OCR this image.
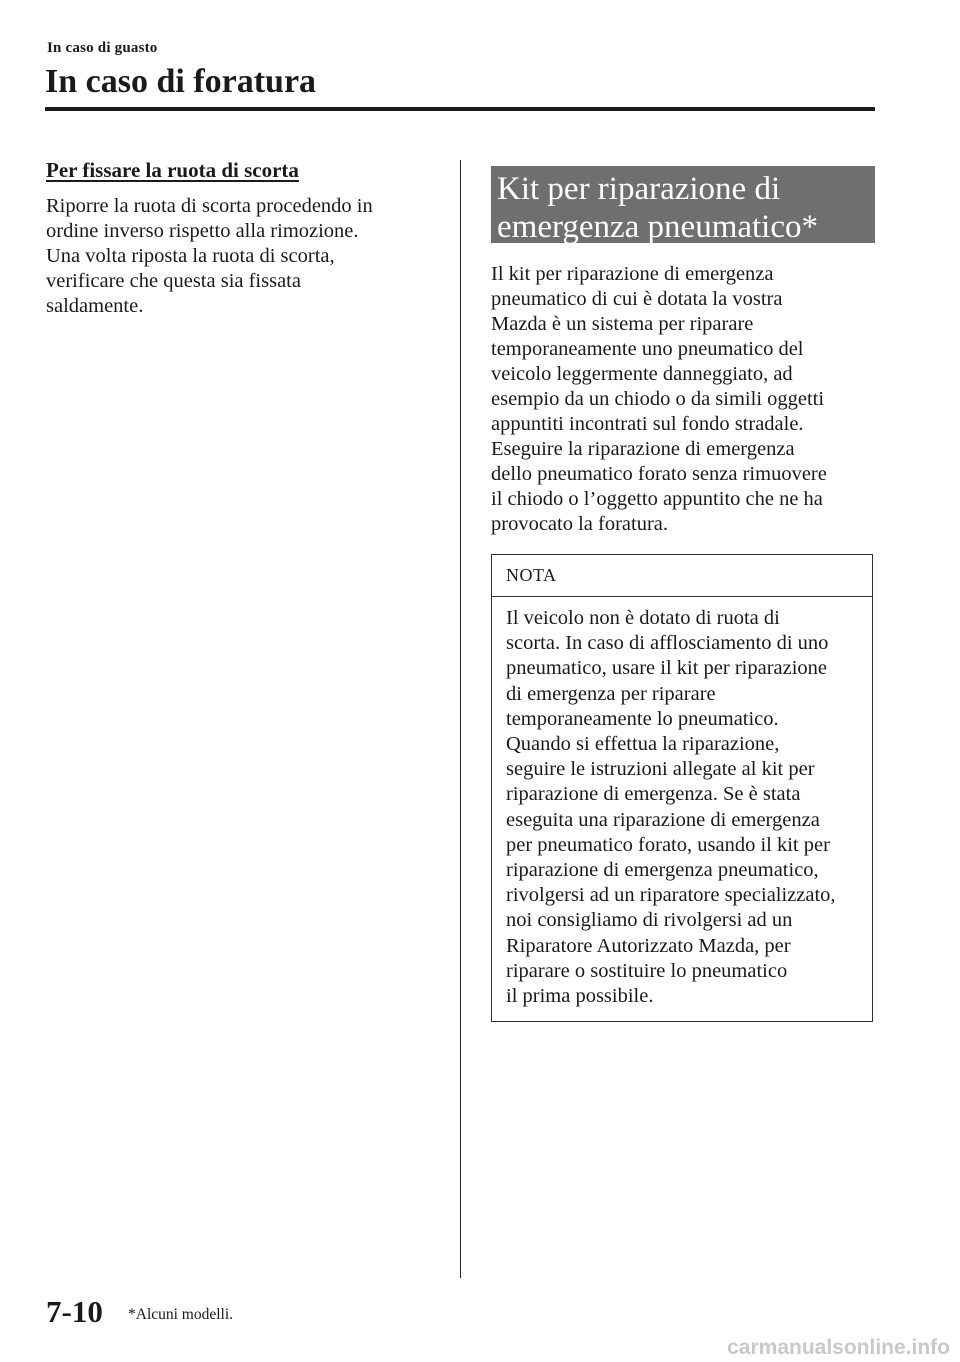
In caso di guasto
In caso di foratura
Per fissare la ruota di scorta

Riporre la ruota di scorta procedendo in
ordine inverso rispetto alla rimozione.
Una volta riposta la ruota di scorta,
verificare che questa sia fissata
saldamente.

Kit per riparazione di
emergenza pneumatico*

Il kit per riparazione di emergenza
pneumatico di cui è dotata la vostra
Mazda è un sistema per riparare
temporaneamente uno pneumatico del
veicolo leggermente danneggiato, ad
esempio da un chiodo o da simili oggetti
appuntiti incontrati sul fondo stradale.
Eseguire la riparazione di emergenza
dello pneumatico forato senza rimuovere
il chiodo o l’oggetto appuntito che ne ha
provocato la foratura.

NOTA
Il veicolo non è dotato di ruota di
scorta. In caso di afflosciamento di uno
pneumatico, usare il kit per riparazione
di emergenza per riparare
temporaneamente lo pneumatico.
Quando si effettua la riparazione,
seguire le istruzioni allegate al kit per
riparazione di emergenza. Se è stata
eseguita una riparazione di emergenza
per pneumatico forato, usando il kit per
riparazione di emergenza pneumatico,
rivolgersi ad un riparatore specializzato,
noi consigliamo di rivolgersi ad un
Riparatore Autorizzato Mazda, per
riparare o sostituire lo pneumatico
il prima possibile.
7-10 *Alcuni modelli.
carmanualsonline.info
